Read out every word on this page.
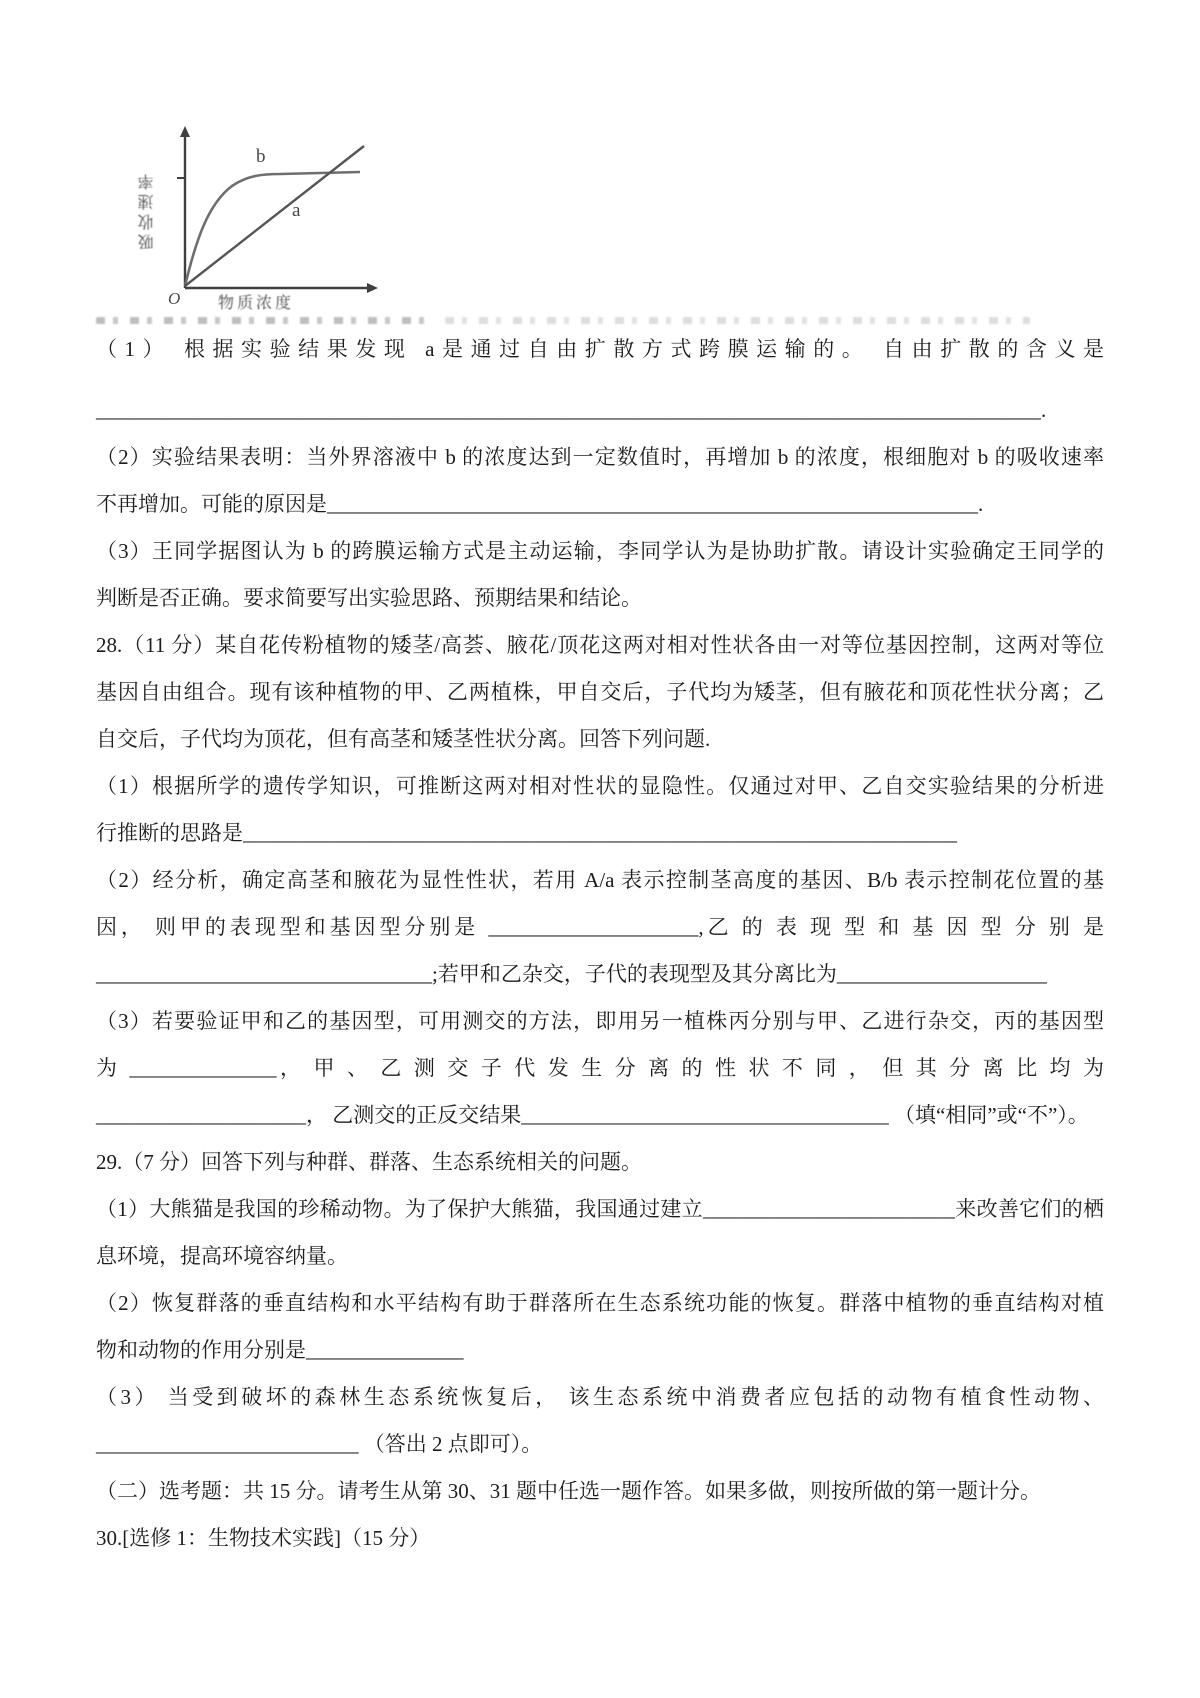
b
a
O
吸收速率
物质浓度
（1） 根据实验结果发现 a是通过自由扩散方式跨膜运输的。 自由扩散的含义是
__________________________________________________________________________________________.
（2）实验结果表明：当外界溶液中 b 的浓度达到一定数值时，再增加 b 的浓度，根细胞对 b 的吸收速率
不再增加。可能的原因是______________________________________________________________.
（3）王同学据图认为 b 的跨膜运输方式是主动运输，李同学认为是协助扩散。请设计实验确定王同学的
判断是否正确。要求简要写出实验思路、预期结果和结论。
28.（11 分）某自花传粉植物的矮茎/高荟、腋花/顶花这两对相对性状各由一对等位基因控制，这两对等位
基因自由组合。现有该种植物的甲、乙两植株，甲自交后，子代均为矮茎，但有腋花和顶花性状分离；乙
自交后，子代均为顶花，但有高茎和矮茎性状分离。回答下列问题.
（1）根据所学的遗传学知识，可推断这两对相对性状的显隐性。仅通过对甲、乙自交实验结果的分析进
行推断的思路是____________________________________________________________________
（2）经分析，确定高茎和腋花为显性性状，若用 A/a 表示控制茎高度的基因、B/b 表示控制花位置的基
因， 则甲的表现型和基因型分别是 ____________________,乙 的 表 现 型 和 基 因 型 分 别 是
________________________________;若甲和乙杂交，子代的表现型及其分离比为____________________
（3）若要验证甲和乙的基因型，可用测交的方法，即用另一植株丙分别与甲、乙进行杂交，丙的基因型
为 ______________， 甲 、 乙 测 交 子 代 发 生 分 离 的 性 状 不 同 ， 但 其 分 离 比 均 为
____________________， 乙测交的正反交结果___________________________________ （填“相同”或“不”）。
29.（7 分）回答下列与种群、群落、生态系统相关的问题。
（1）大熊猫是我国的珍稀动物。为了保护大熊猫，我国通过建立________________________来改善它们的栖
息环境，提高环境容纳量。
（2）恢复群落的垂直结构和水平结构有助于群落所在生态系统功能的恢复。群落中植物的垂直结构对植
物和动物的作用分别是_______________
（3） 当受到破坏的森林生态系统恢复后， 该生态系统中消费者应包括的动物有植食性动物、
_________________________ （答出 2 点即可）。
（二）选考题：共 15 分。请考生从第 30、31 题中任选一题作答。如果多做，则按所做的第一题计分。
30.[选修 1：生物技术实践]（15 分）
